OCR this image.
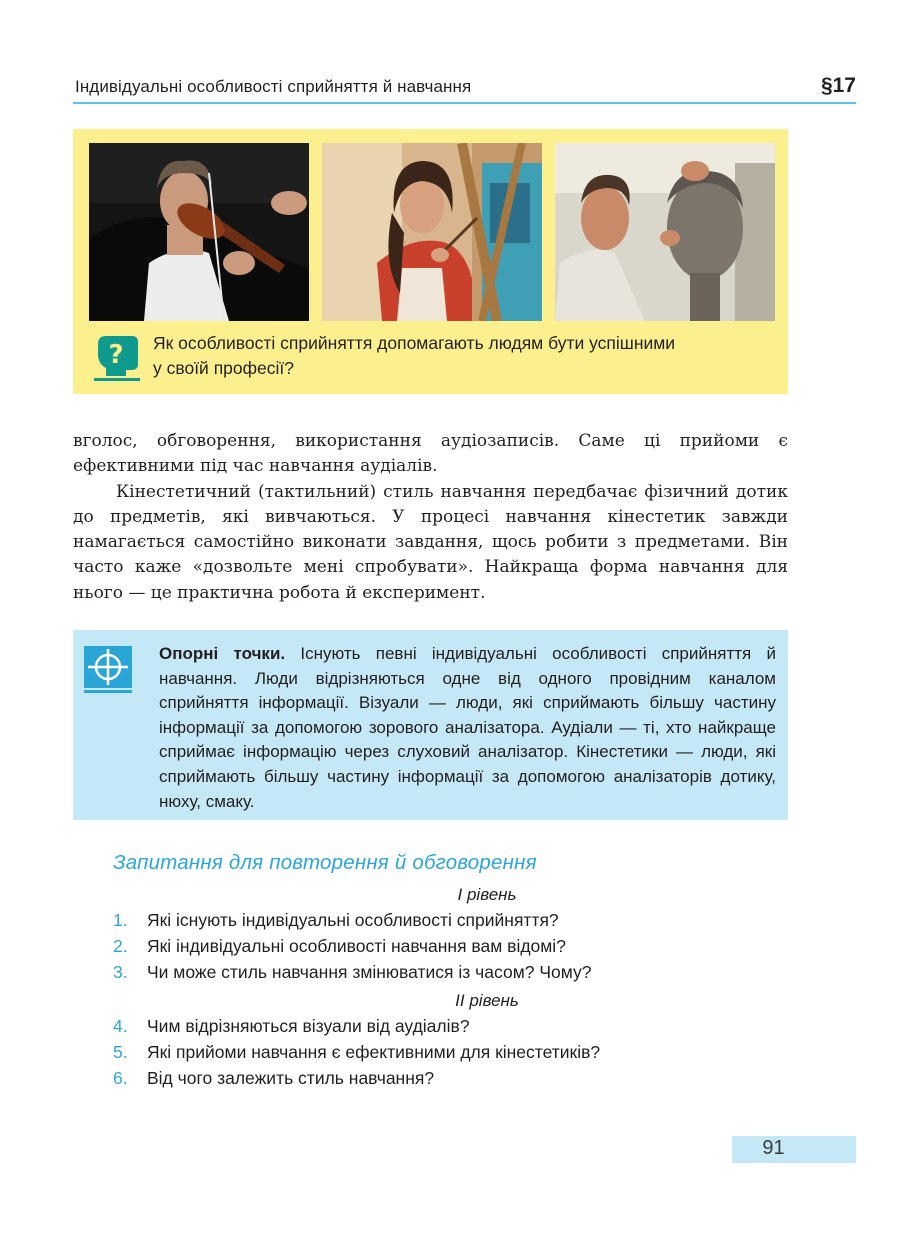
Індивідуальні особливості сприйняття й навчання	§17
? Як особливості сприйняття допомагають людям бути успішними
у своїй професії?

вголос, обговорення, використання аудіозаписів. Саме ці прийоми є ефективними під час навчання аудіалів.

Кінестетичний (тактильний) стиль навчання передбачає фізичний дотик до предметів, які вивчаються. У процесі навчання кінестетик завжди намагається самостійно виконати завдання, щось робити з предметами. Він часто каже «дозвольте мені спробувати». Найкраща форма навчання для нього — це практична робота й експеримент.

Опорні точки. Існують певні індивідуальні особливості сприйняття й навчання. Люди відрізняються одне від одного провідним каналом сприйняття інформації. Візуали — люди, які сприймають більшу частину інформації за допомогою зорового аналізатора. Аудіали — ті, хто найкраще сприймає інформацію через слуховий аналізатор. Кінестетики — люди, які сприймають більшу частину інформації за допомогою аналізаторів дотику, нюху, смаку.
Запитання для повторення й обговорення
I рівень
1. Які існують індивідуальні особливості сприйняття?
2. Які індивідуальні особливості навчання вам відомі?
3. Чи може стиль навчання змінюватися із часом? Чому?
II рівень
4. Чим відрізняються візуали від аудіалів?
5. Які прийоми навчання є ефективними для кінестетиків?
6. Від чого залежить стиль навчання?
91
